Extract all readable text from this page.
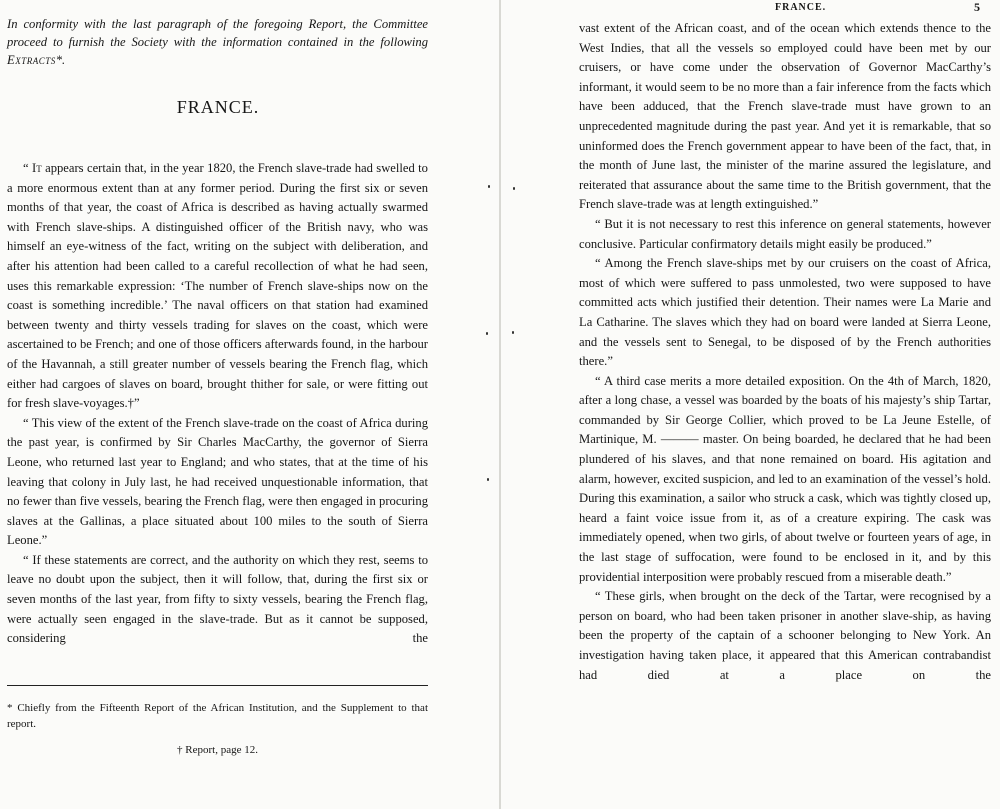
In conformity with the last paragraph of the foregoing Report, the Committee proceed to furnish the Society with the information contained in the following Extracts*.

FRANCE.

“ It appears certain that, in the year 1820, the French slave-trade had swelled to a more enormous extent than at any former period. During the first six or seven months of that year, the coast of Africa is described as having actually swarmed with French slave-ships. A distinguished officer of the British navy, who was himself an eye-witness of the fact, writing on the subject with deliberation, and after his attention had been called to a careful recollection of what he had seen, uses this remarkable expression: ‘The number of French slave-ships now on the coast is something incredible.’ The naval officers on that station had examined between twenty and thirty vessels trading for slaves on the coast, which were ascertained to be French; and one of those officers afterwards found, in the harbour of the Havannah, a still greater number of vessels bearing the French flag, which either had cargoes of slaves on board, brought thither for sale, or were fitting out for fresh slave-voyages.†”

“ This view of the extent of the French slave-trade on the coast of Africa during the past year, is confirmed by Sir Charles MacCarthy, the governor of Sierra Leone, who returned last year to England; and who states, that at the time of his leaving that colony in July last, he had received unquestionable information, that no fewer than five vessels, bearing the French flag, were then engaged in procuring slaves at the Gallinas, a place situated about 100 miles to the south of Sierra Leone.”

“ If these statements are correct, and the authority on which they rest, seems to leave no doubt upon the subject, then it will follow, that, during the first six or seven months of the last year, from fifty to sixty vessels, bearing the French flag, were actually seen engaged in the slave-trade. But as it cannot be supposed, considering the

* Chiefly from the Fifteenth Report of the African Institution, and the Supplement to that report.

† Report, page 12.

FRANCE.	5

vast extent of the African coast, and of the ocean which extends thence to the West Indies, that all the vessels so employed could have been met by our cruisers, or have come under the observation of Governor MacCarthy’s informant, it would seem to be no more than a fair inference from the facts which have been adduced, that the French slave-trade must have grown to an unprecedented magnitude during the past year. And yet it is remarkable, that so uninformed does the French government appear to have been of the fact, that, in the month of June last, the minister of the marine assured the legislature, and reiterated that assurance about the same time to the British government, that the French slave-trade was at length extinguished.”

“ But it is not necessary to rest this inference on general statements, however conclusive. Particular confirmatory details might easily be produced.”

“ Among the French slave-ships met by our cruisers on the coast of Africa, most of which were suffered to pass unmolested, two were supposed to have committed acts which justified their detention. Their names were La Marie and La Catharine. The slaves which they had on board were landed at Sierra Leone, and the vessels sent to Senegal, to be disposed of by the French authorities there.”

“ A third case merits a more detailed exposition. On the 4th of March, 1820, after a long chase, a vessel was boarded by the boats of his majesty’s ship Tartar, commanded by Sir George Collier, which proved to be La Jeune Estelle, of Martinique, M. ——— master. On being boarded, he declared that he had been plundered of his slaves, and that none remained on board. His agitation and alarm, however, excited suspicion, and led to an examination of the vessel’s hold. During this examination, a sailor who struck a cask, which was tightly closed up, heard a faint voice issue from it, as of a creature expiring. The cask was immediately opened, when two girls, of about twelve or fourteen years of age, in the last stage of suffocation, were found to be enclosed in it, and by this providential interposition were probably rescued from a miserable death.”

“ These girls, when brought on the deck of the Tartar, were recognised by a person on board, who had been taken prisoner in another slave-ship, as having been the property of the captain of a schooner belonging to New York. An investigation having taken place, it appeared that this American contrabandist had died at a place on the
